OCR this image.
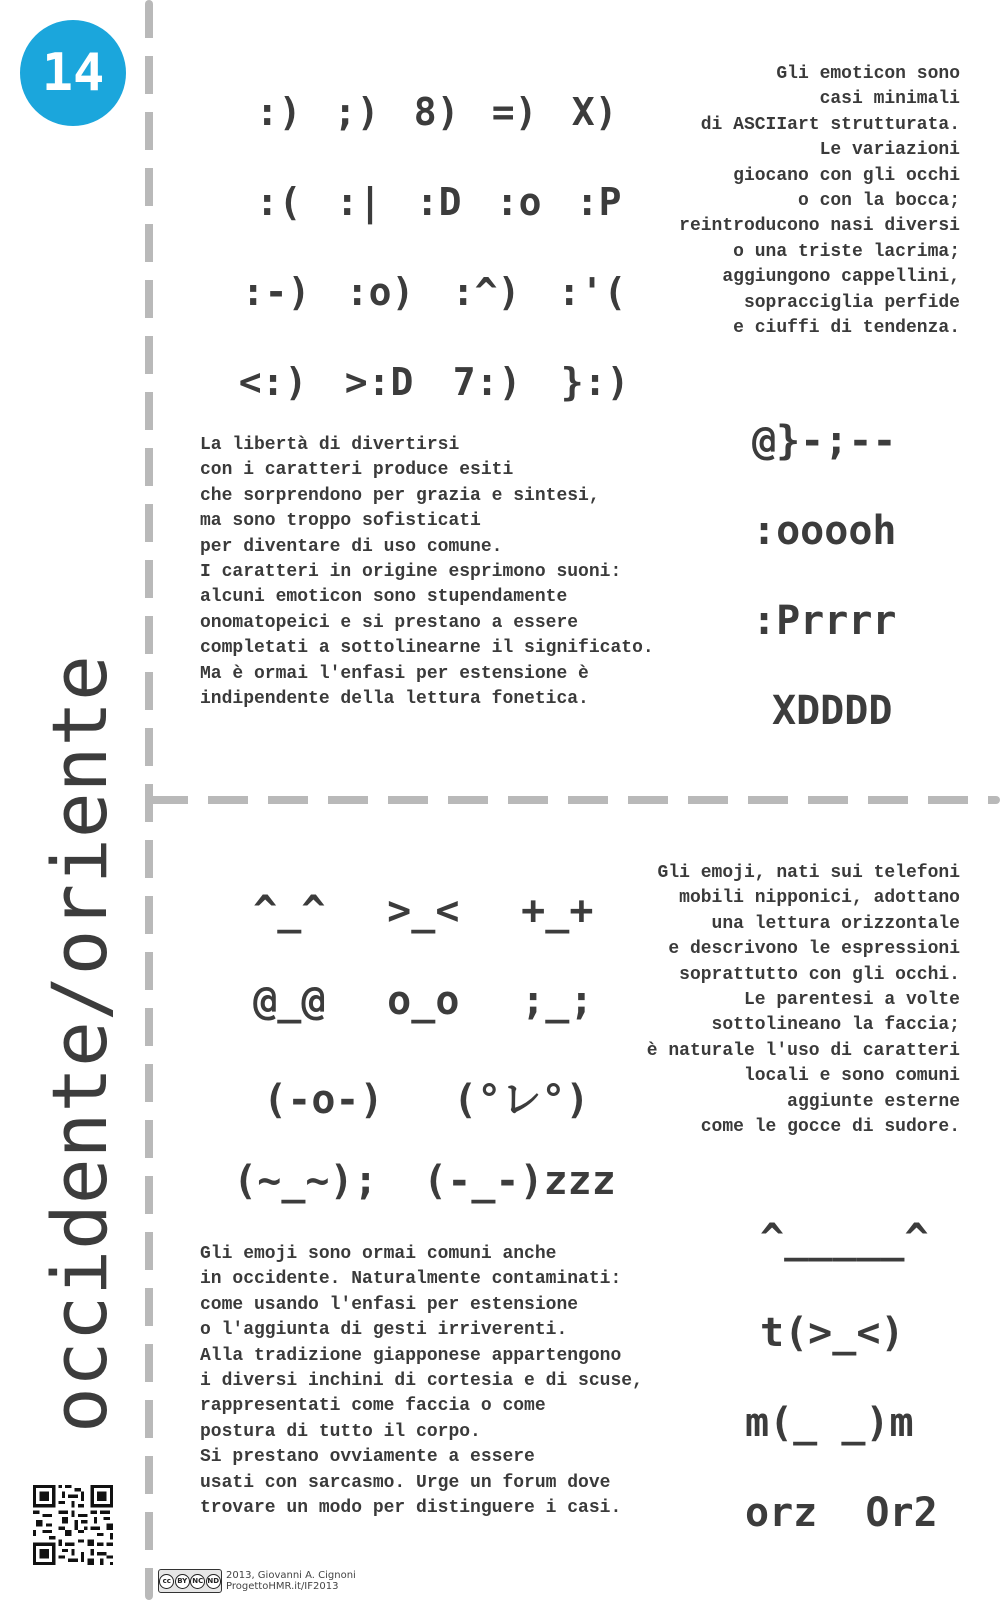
14
occidente/oriente

:) ;) 8) =) X)

:( :| :D :o :P

:-) :o) :^) :'(

<:) >:D 7:) }:)

Gli emoticon sono
casi minimali
di ASCIIart strutturata.
Le variazioni
giocano con gli occhi
o con la bocca;
reintroducono nasi diversi
o una triste lacrima;
aggiungono cappellini,
sopracciglia perfide
e ciuffi di tendenza.
La libertà di divertirsi
con i caratteri produce esiti
che sorprendono per grazia e sintesi,
ma sono troppo sofisticati
per diventare di uso comune.
I caratteri in origine esprimono suoni:
alcuni emoticon sono stupendamente
onomatopeici e si prestano a essere
completati a sottolinearne il significato.
Ma è ormai l'enfasi per estensione è
indipendente della lettura fonetica.
@}-;--
:ooooh
:Prrrr
XDDDD

^_^ >_< +_+

@_@ o_o ;_;

(-o-) (°レ°)

(~_~); (-_-)zzz

Gli emoji, nati sui telefoni
mobili nipponici, adottano
una lettura orizzontale
e descrivono le espressioni
soprattutto con gli occhi.
Le parentesi a volte
sottolineano la faccia;
è naturale l'uso di caratteri
locali e sono comuni
aggiunte esterne
come le gocce di sudore.
Gli emoji sono ormai comuni anche
in occidente. Naturalmente contaminati:
come usando l'enfasi per estensione
o l'aggiunta di gesti irriverenti.
Alla tradizione giapponese appartengono
i diversi inchini di cortesia e di scuse,
rappresentati come faccia o come
postura di tutto il corpo.
Si prestano ovviamente a essere
usati con sarcasmo. Urge un forum dove
trovare un modo per distinguere i casi.
^_____^
t(>_<)
m(_ _)m
orz  Or2
cc BY NC ND 2013, Giovanni A. Cignoni
ProgettoHMR.it/IF2013
